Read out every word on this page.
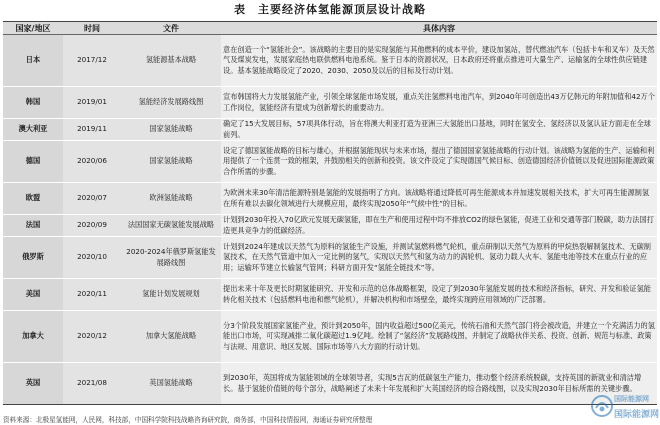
表　主要经济体氢能源顶层设计战略
国家/地区	时间	文件	具体内容
日本	2017/12	氢能源基本战略	意在创造一个“氢能社会”。该战略的主要目的是实现氢能与其他燃料的成本平价，建设加氢站，替代燃油汽车（包括卡车和叉车）及天然气及煤炭发电，发展家庭热电联供燃料电池系统。鉴于日本的资源状况，日本政府还将重点推进可大量生产、运输氢的全球性供应链建设。基本氢能战略设定了2020、2030、2050及以后的目标及行动计划。
韩国	2019/01	氢能经济发展路线图	宣布韩国将大力发展氢能产业，引领全球氢能市场发展，重点关注氢燃料电池汽车，到2040年可创造出43万亿韩元的年附加值和42万个工作岗位，氢能经济有望成为创新增长的重要动力。
澳大利亚	2019/11	国家氢能战略	确定了15大发展目标，57项具体行动，旨在将澳大利亚打造为亚洲三大氢能出口基地，同时在氢安全、氢经济以及氢认证方面走在全球前列。
德国	2020/06	国家氢能战略	设定了德国氢能战略的目标与雄心，并根据氢能现状与未来市场，提出了德国国家氢能战略的行动计划。该战略为氢能的生产、运输和利用提供了一个连贯一致的框架，并鼓励相关的创新和投资。该文件设定了实现德国气候目标、创造德国经济价值链以及促进国际能源政策合作所需的步骤。
欧盟	2020/07	欧洲氢能战略	为欧洲未来30年清洁能源特别是氢能的发展指明了方向。该战略将通过降低可再生能源成本并加速发展相关技术，扩大可再生能源制氢在所有难以去碳化领域进行大规模应用，最终实现2050年“气候中性”的目标。
法国	2020/09	法国国家无碳氢能发展战略	计划到2030年投入70亿欧元发展无碳氢能，即在生产和使用过程中均不排放CO2的绿色氢能，促进工业和交通等部门脱碳，助力法国打造更具竞争力的低碳经济。
俄罗斯	2020/10	2020-2024年俄罗斯氢能发展路线图	计划到2024年建成以天然气为原料的氢能生产设施，并测试氢燃料燃气轮机，重点研制以天然气为原料的甲烷热裂解制氢技术、无碳制氢技术，在天然气管道中加入一定比例的氢气，实现以天然气和氢为动力的涡轮机、氢动力载人火车、氢能电池等技术在重点行业的应用；运输环节建立长输氢气管网；科研方面开发“氢能全链技术”等。
美国	2020/11	氢能计划发展规划	提出未来十年及更长时期氢能研究、开发和示范的总体战略框架，设定了到2030年氢能发展的技术和经济指标，研究、开发和验证氢能转化相关技术（包括燃料电池和燃气轮机），并解决机构和市场壁垒，最终实现跨应用领域的广泛部署。
加拿大	2020/12	加拿大氢能战略	分3个阶段发展国家氢能产业，预计到2050年，国内收益超过500亿美元，传统石油和天然气部门将会被改造，并建立一个充满活力的氢能出口市场，可实现减排二氧化碳超过1.9亿吨。绘制了“氢经济”发展路线图，并制定了战略伙伴关系、投资、创新、规范与标准、政策与法规、用意识、地区发展、国际市场等八大方面的行动计划。
英国	2021/08	英国氢能战略	到2030年，英国将成为氢能领域的全球领导者，实现5吉瓦的低碳氢生产能力，推动整个经济系统脱碳，支持英国的新就业和清洁增长。基于氢能价值链的每个部分，战略阐述了未来十年发展和扩大英国经济的综合路线图，以及实现2030年目标所需的关键步骤。
资料来源：北极星氢能网，人民网，科技部，中国科学院科技战略咨询研究院，商务部，中国科技情报网，海通证券研究所整理
国际能源网
国际能源网
